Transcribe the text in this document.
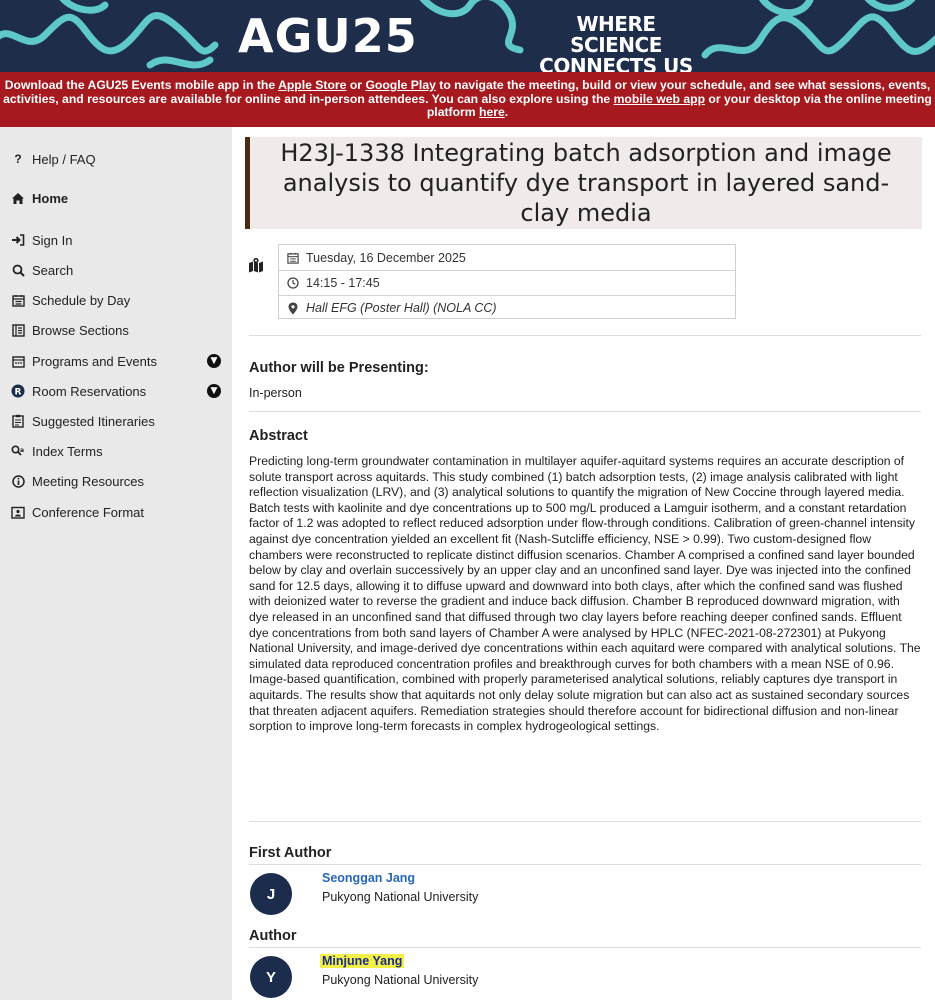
AGU25	WHERE SCIENCE
CONNECTS US
Download the AGU25 Events mobile app in the Apple Store or Google Play to navigate the meeting, build or view your schedule, and see what sessions, events, activities, and resources are available for online and in-person attendees. You can also explore using the mobile web app or your desktop via the online meeting platform here.
? Help / FAQ
Home
Sign In
Search
Schedule by Day
Browse Sections
Programs and Events	▼
R Room Reservations	▼
Suggested Itineraries
a Index Terms
Meeting Resources
Conference Format
H23J-1338 Integrating batch adsorption and image analysis to quantify dye transport in layered sand-clay media
Tuesday, 16 December 2025
14:15 - 17:45
Hall EFG (Poster Hall) (NOLA CC)
Author will be Presenting:
In-person
Abstract
Predicting long-term groundwater contamination in multilayer aquifer-aquitard systems requires an accurate description of solute transport across aquitards. This study combined (1) batch adsorption tests, (2) image analysis calibrated with light reflection visualization (LRV), and (3) analytical solutions to quantify the migration of New Coccine through layered media. Batch tests with kaolinite and dye concentrations up to 500 mg/L produced a Lamguir isotherm, and a constant retardation factor of 1.2 was adopted to reflect reduced adsorption under flow-through conditions. Calibration of green-channel intensity against dye concentration yielded an excellent fit (Nash-Sutcliffe efficiency, NSE > 0.99). Two custom-designed flow chambers were reconstructed to replicate distinct diffusion scenarios. Chamber A comprised a confined sand layer bounded below by clay and overlain successively by an upper clay and an unconfined sand layer. Dye was injected into the confined sand for 12.5 days, allowing it to diffuse upward and downward into both clays, after which the confined sand was flushed with deionized water to reverse the gradient and induce back diffusion. Chamber B reproduced downward migration, with dye released in an unconfined sand that diffused through two clay layers before reaching deeper confined sands. Effluent dye concentrations from both sand layers of Chamber A were analysed by HPLC (NFEC-2021-08-272301) at Pukyong National University, and image-derived dye concentrations within each aquitard were compared with analytical solutions. The simulated data reproduced concentration profiles and breakthrough curves for both chambers with a mean NSE of 0.96. Image-based quantification, combined with properly parameterised analytical solutions, reliably captures dye transport in aquitards. The results show that aquitards not only delay solute migration but can also act as sustained secondary sources that threaten adjacent aquifers. Remediation strategies should therefore account for bidirectional diffusion and non-linear sorption to improve long-term forecasts in complex hydrogeological settings.
First Author
J
Seonggan Jang
Pukyong National University
Author
Y
Minjune Yang
Pukyong National University
